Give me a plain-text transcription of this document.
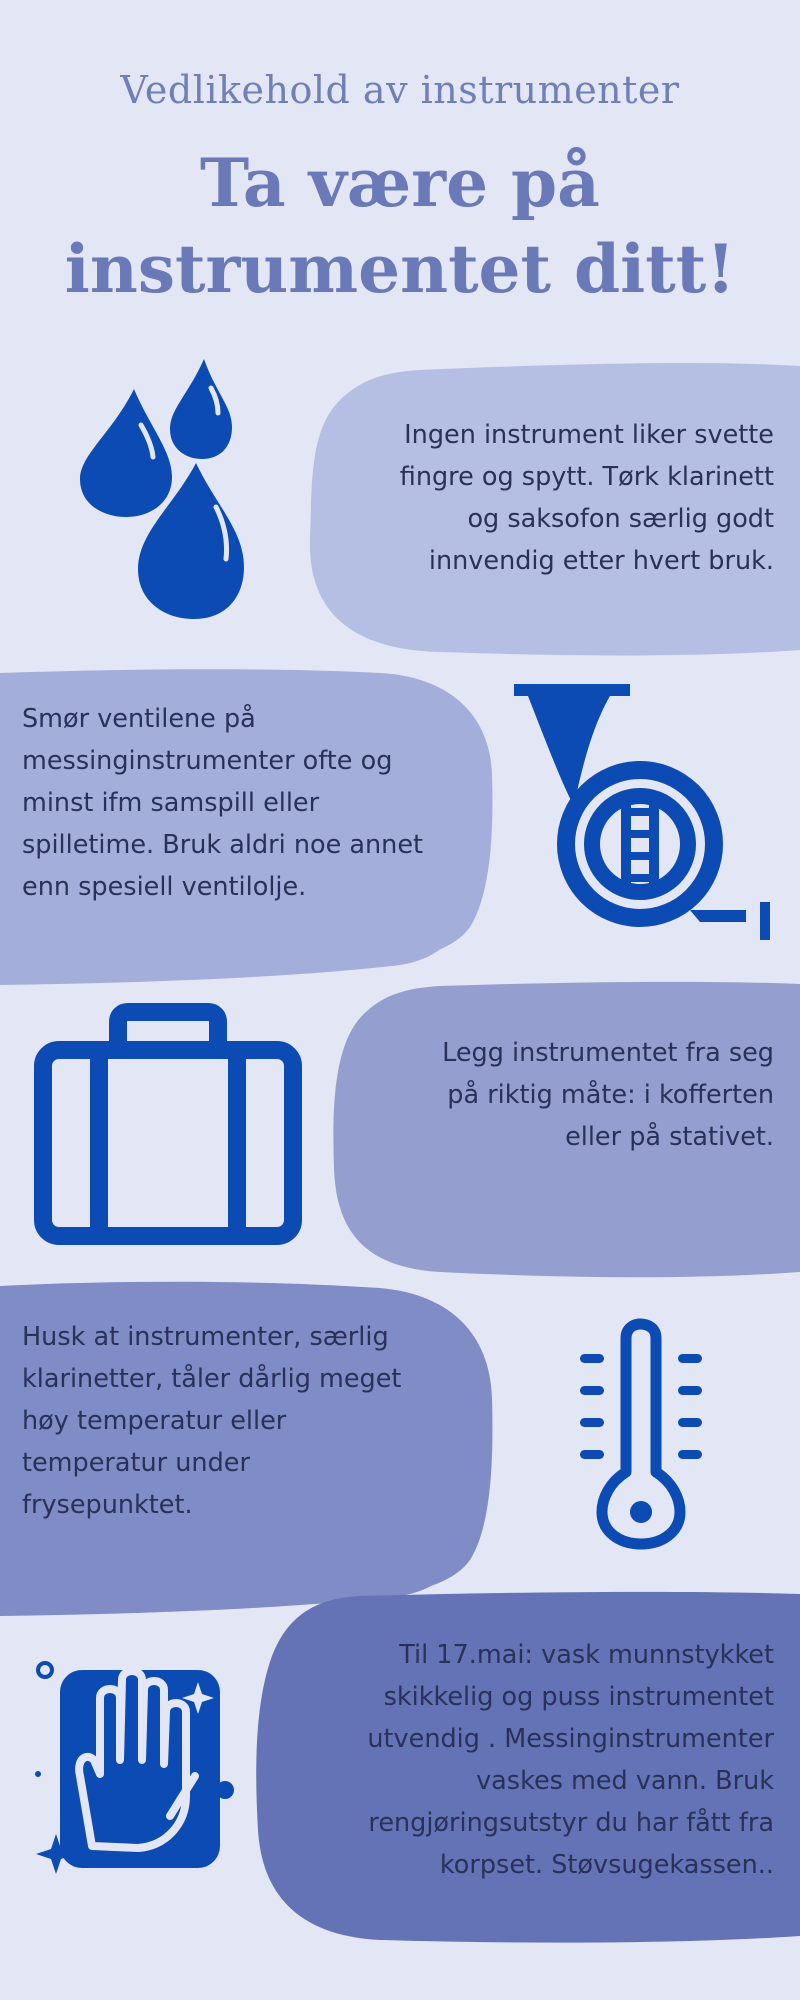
Vedlikehold av instrumenter
Ta være på
instrumentet ditt!
Ingen instrument liker svette
fingre og spytt. Tørk klarinett
og saksofon særlig godt
innvendig etter hvert bruk.
Smør ventilene på
messinginstrumenter ofte og
minst ifm samspill eller
spilletime. Bruk aldri noe annet
enn spesiell ventilolje.
Legg instrumentet fra seg
på riktig måte: i kofferten
eller på stativet.
Husk at instrumenter, særlig
klarinetter, tåler dårlig meget
høy temperatur eller
temperatur under
frysepunktet.
Til 17.mai: vask munnstykket
skikkelig og puss instrumentet
utvendig . Messinginstrumenter
vaskes med vann. Bruk
rengjøringsutstyr du har fått fra
korpset. Støvsugekassen..
